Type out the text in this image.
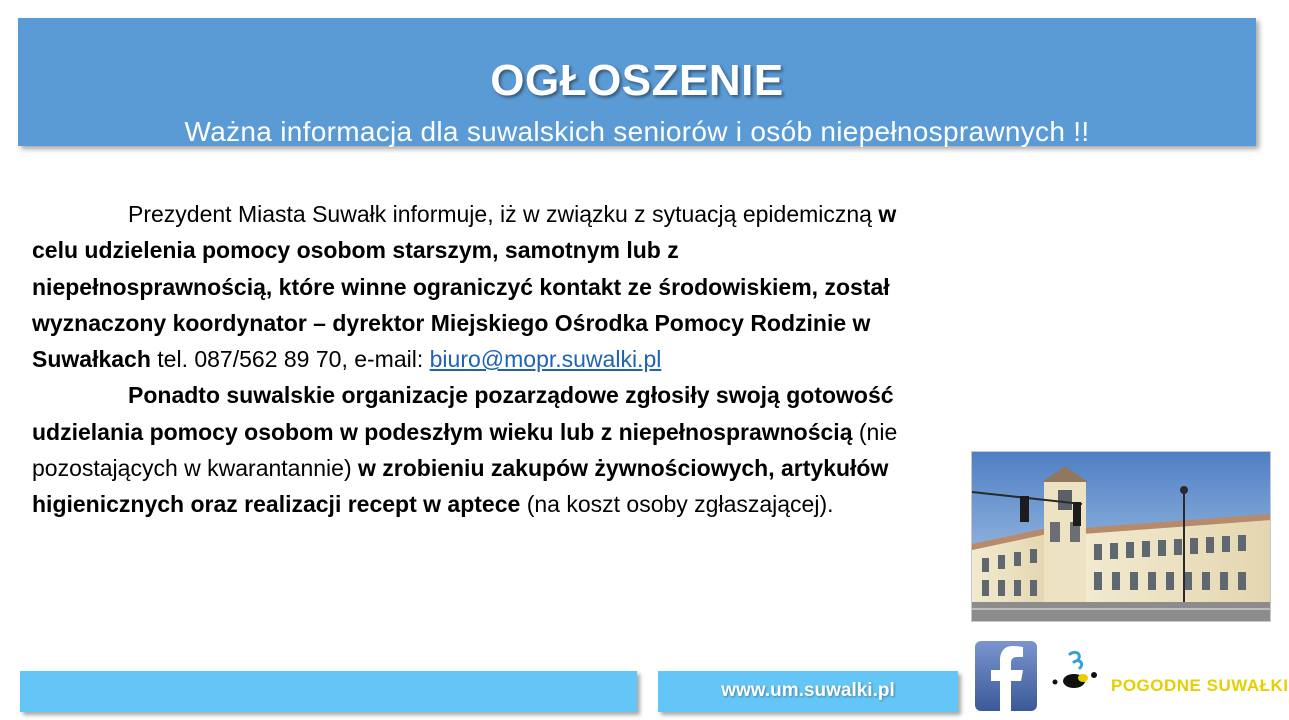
OGŁOSZENIE
Ważna informacja dla suwalskich seniorów i osób niepełnosprawnych !!

Prezydent Miasta Suwałk informuje, iż w związku z sytuacją epidemiczną w celu udzielenia pomocy osobom starszym, samotnym lub z niepełnosprawnością, które winne ograniczyć kontakt ze środowiskiem, został wyznaczony koordynator – dyrektor Miejskiego Ośrodka Pomocy Rodzinie w Suwałkach tel. 087/562 89 70, e-mail: biuro@mopr.suwalki.pl

Ponadto suwalskie organizacje pozarządowe zgłosiły swoją gotowość udzielania pomocy osobom w podeszłym wieku lub z niepełnosprawnością (nie pozostających w kwarantannie) w zrobieniu zakupów żywnościowych, artykułów higienicznych oraz realizacji recept w aptece (na koszt osoby zgłaszającej).

www.um.suwalki.pl	POGODNE SUWAŁKI
